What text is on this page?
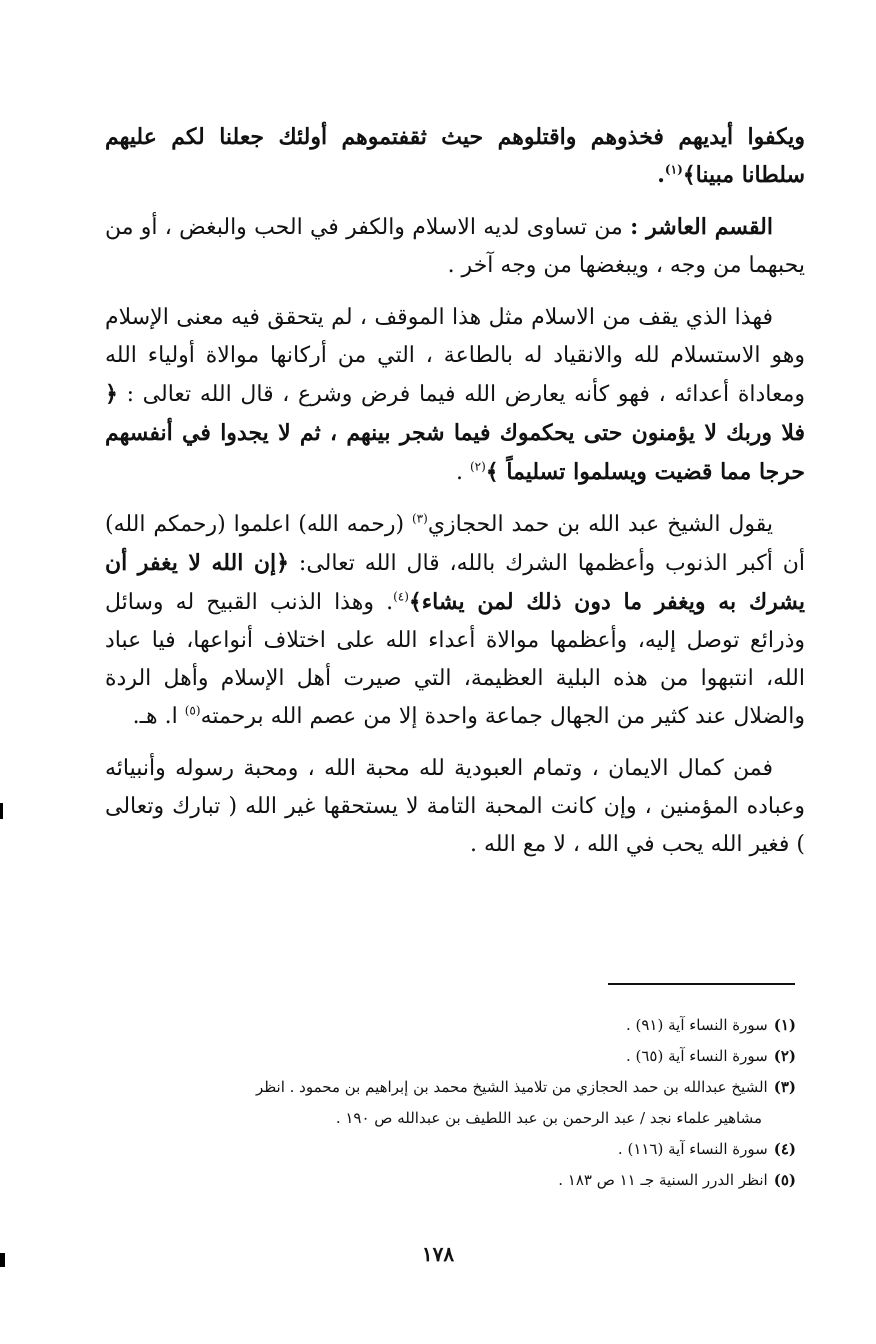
ويكفوا أيديهم فخذوهم واقتلوهم حيث ثقفتموهم أولئك جعلنا لكم عليهم سلطانا مبينا﴾$^{(١)}$.

القسم العاشر : من تساوى لديه الاسلام والكفر في الحب والبغض ، أو من يحبهما من وجه ، ويبغضها من وجه آخر .

فهذا الذي يقف من الاسلام مثل هذا الموقف ، لم يتحقق فيه معنى الإسلام وهو الاستسلام لله والانقياد له بالطاعة ، التي من أركانها موالاة أولياء الله ومعاداة أعدائه ، فهو كأنه يعارض الله فيما فرض وشرع ، قال الله تعالى : ﴿ فلا وربك لا يؤمنون حتى يحكموك فيما شجر بينهم ، ثم لا يجدوا في أنفسهم حرجا مما قضيت ويسلموا تسليماً ﴾$^{(٢)}$ .

يقول الشيخ عبد الله بن حمد الحجازي$^{(٣)}$ (رحمه الله) اعلموا (رحمكم الله) أن أكبر الذنوب وأعظمها الشرك بالله، قال الله تعالى: ﴿إن الله لا يغفر أن يشرك به ويغفر ما دون ذلك لمن يشاء﴾$^{(٤)}$. وهذا الذنب القبيح له وسائل وذرائع توصل إليه، وأعظمها موالاة أعداء الله على اختلاف أنواعها، فيا عباد الله، انتبهوا من هذه البلية العظيمة، التي صيرت أهل الإسلام وأهل الردة والضلال عند كثير من الجهال جماعة واحدة إلا من عصم الله برحمته$^{(٥)}$ ا. هـ.

فمن كمال الايمان ، وتمام العبودية لله محبة الله ، ومحبة رسوله وأنبيائه وعباده المؤمنين ، وإن كانت المحبة التامة لا يستحقها غير الله ( تبارك وتعالى ) فغير الله يحب في الله ، لا مع الله .

(١)سورة النساء آية (٩١) .
(٢)سورة النساء آية (٦٥) .
(٣)الشيخ عبدالله بن حمد الحجازي من تلاميذ الشيخ محمد بن إبراهيم بن محمود . انظر
مشاهير علماء نجد / عبد الرحمن بن عبد اللطيف بن عبدالله ص ١٩٠ .
(٤)سورة النساء آية (١١٦) .
(٥)انظر الدرر السنية جـ ١١ ص ١٨٣ .
١٧٨
